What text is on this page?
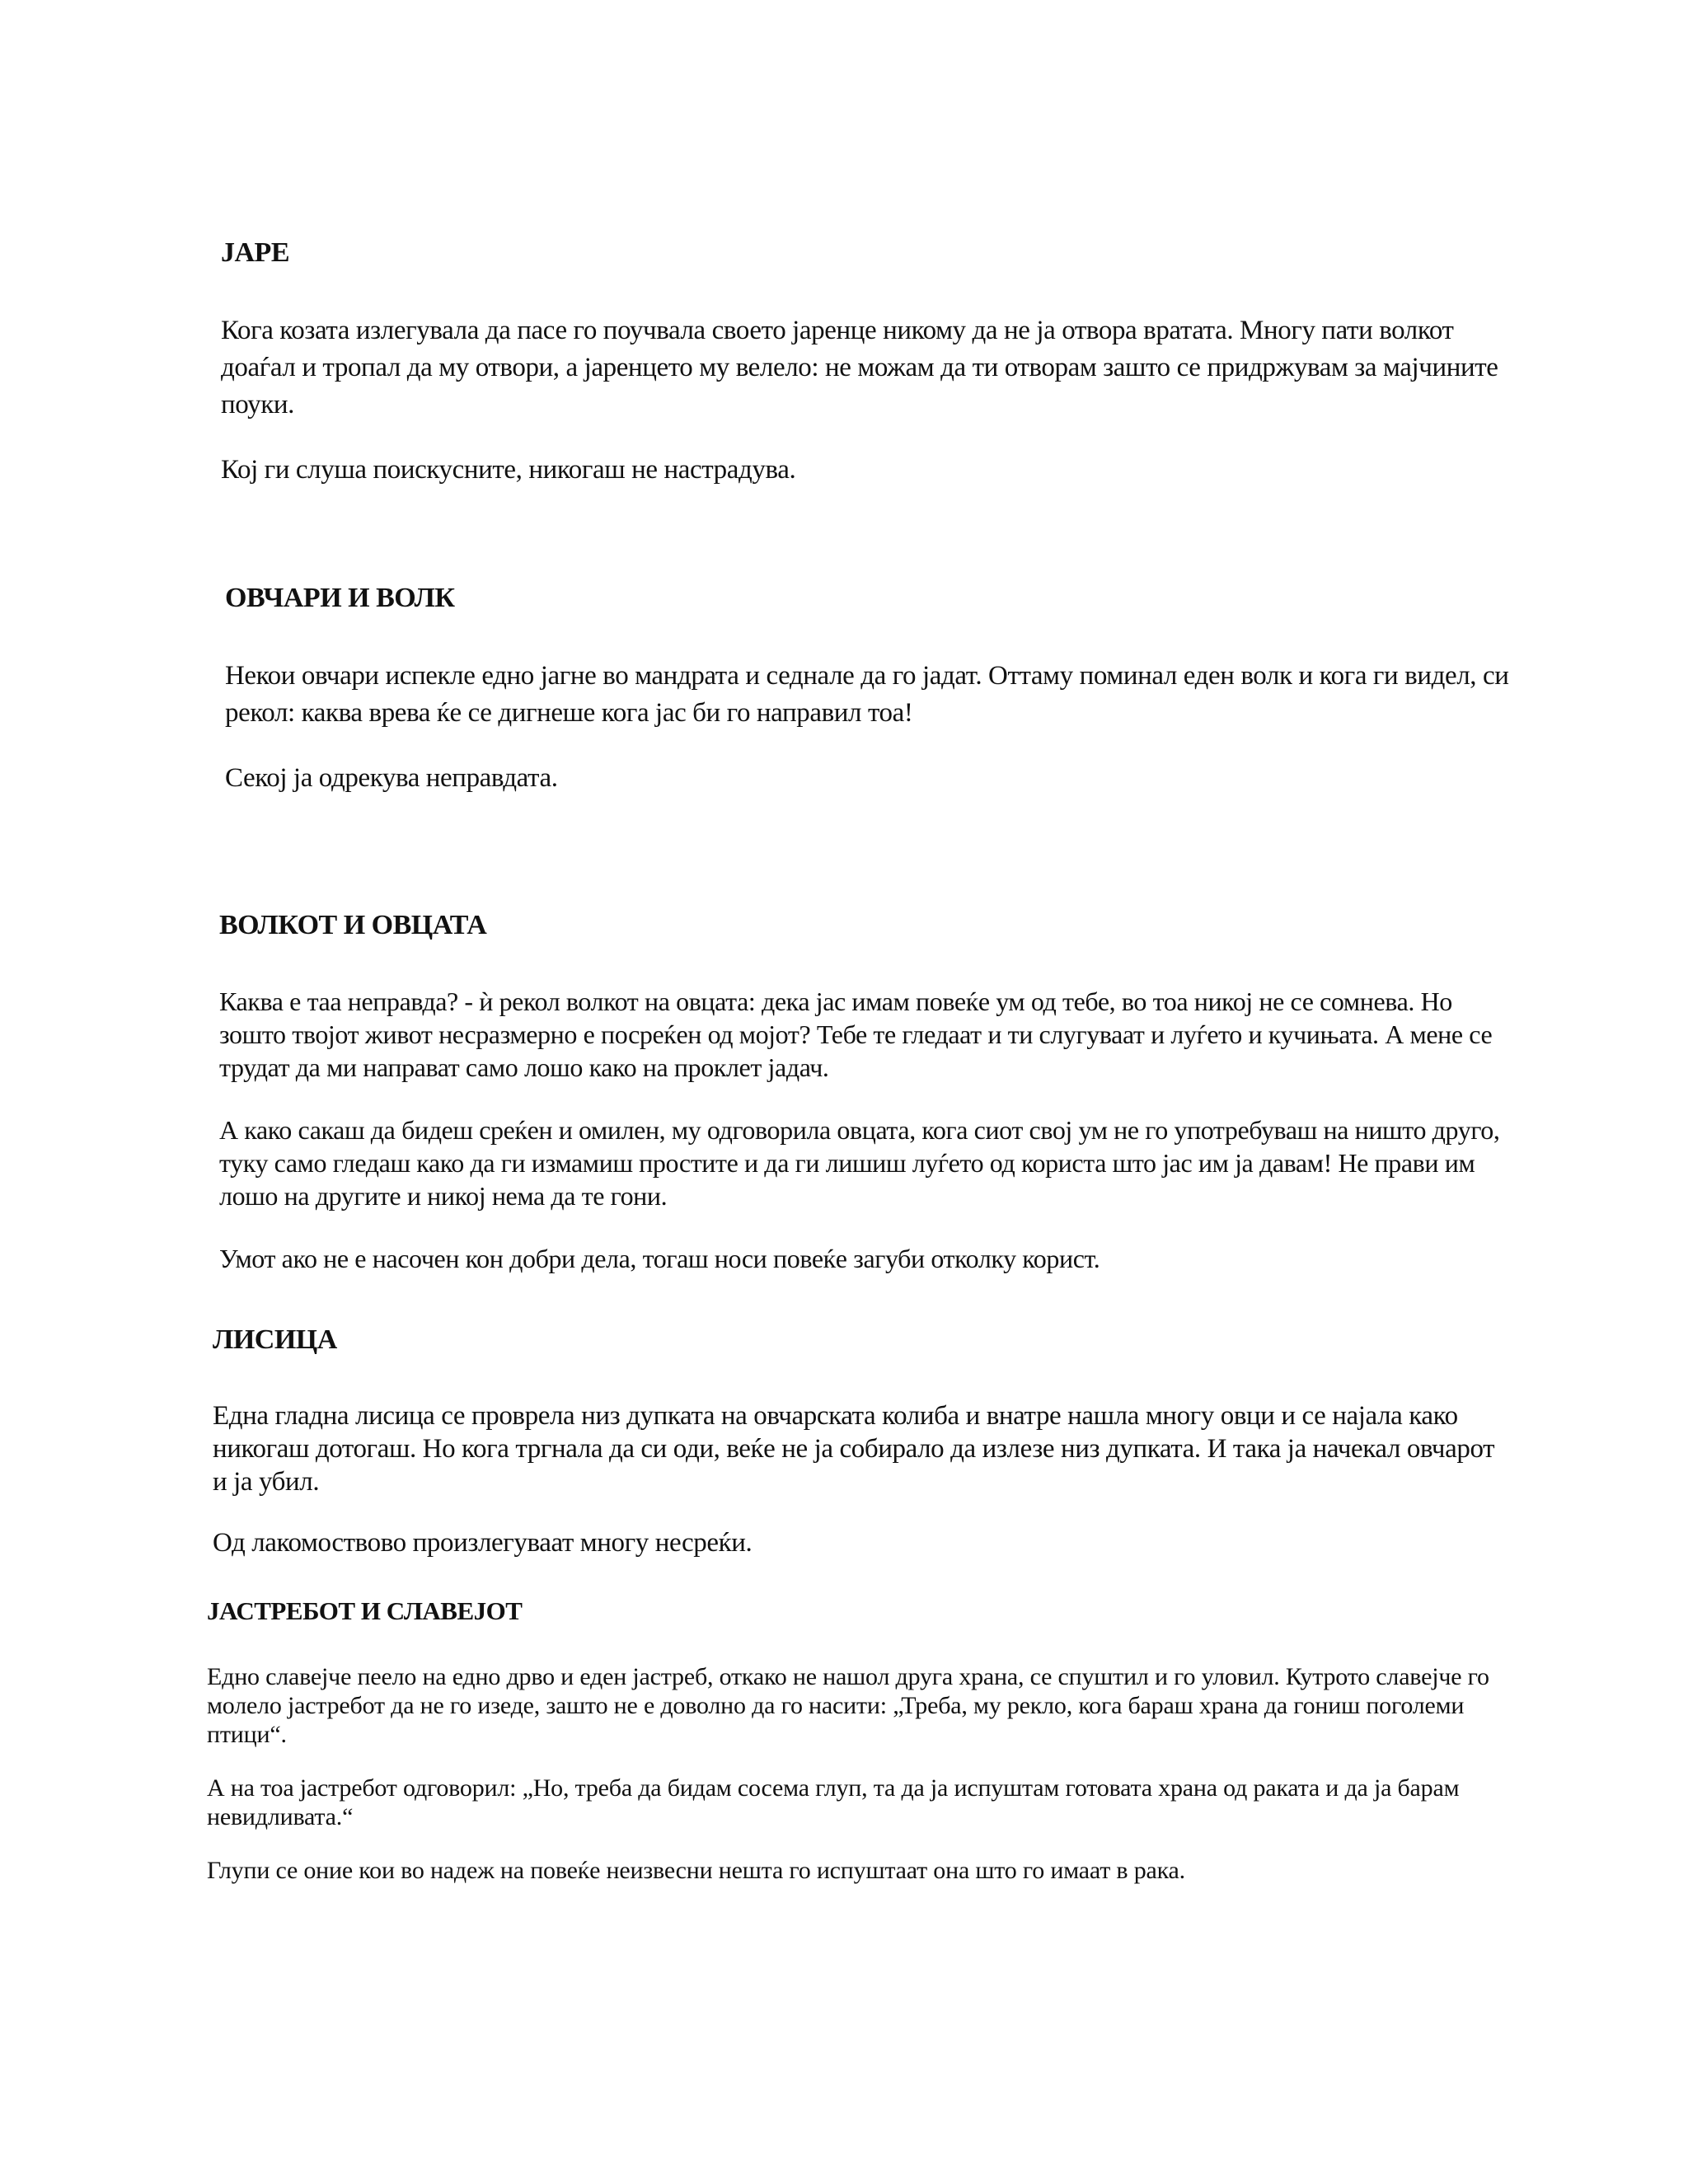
ЈАРЕ

Кога козата излегувала да пасе го поучвала своето јаренце никому да не ја отвора вратата. Многу пати волкот доаѓал и тропал да му отвори, а јаренцето му велело: не можам да ти отворам зашто се придржувам за мајчините поуки.

Кој ги слуша поискусните, никогаш не настрадува.

ОВЧАРИ И ВОЛК

Некои овчари испекле едно јагне во мандрата и седнале да го јадат. Оттаму поминал еден волк и кога ги видел, си рекол: каква врева ќе се дигнеше кога јас би го направил тоа!

Секој ја одрекува неправдата.

ВОЛКОТ И ОВЦАТА

Каква е таа неправда? - ѝ рекол волкот на овцата: дека јас имам повеќе ум од тебе, во тоа никој не се сомнева. Но зошто твојот живот несразмерно е посреќен од мојот? Тебе те гледаат и ти слугуваат и луѓето и кучињата. А мене се трудат да ми направат само лошо како на проклет јадач.

А како сакаш да бидеш среќен и омилен, му одговорила овцата, кога сиот свој ум не го употребуваш на ништо друго, туку само гледаш како да ги измамиш простите и да ги лишиш луѓето од користа што јас им ја давам! Не прави им лошо на другите и никој нема да те гони.

Умот ако не е насочен кон добри дела, тогаш носи повеќе загуби отколку корист.

ЛИСИЦА

Една гладна лисица се проврела низ дупката на овчарската колиба и внатре нашла многу овци и се најала како никогаш дотогаш. Но кога тргнала да си оди, веќе не ја собирало да излезе низ дупката. И така ја начекал овчарот и ја убил.

Од лакомоствово произлегуваат многу несреќи.

ЈАСТРЕБОТ И СЛАВЕЈОТ

Едно славејче пеело на едно дрво и еден јастреб, откако не нашол друга храна, се спуштил и го уловил. Кутрото славејче го молело јастребот да не го изеде, зашто не е доволно да го насити: „Треба, му рекло, кога бараш храна да гониш поголеми птици“.

А на тоа јастребот одговорил: „Но, треба да бидам сосема глуп, та да ја испуштам готовата храна од раката и да ја барам невидливата.“

Глупи се оние кои во надеж на повеќе неизвесни нешта го испуштаат она што го имаат в рака.
